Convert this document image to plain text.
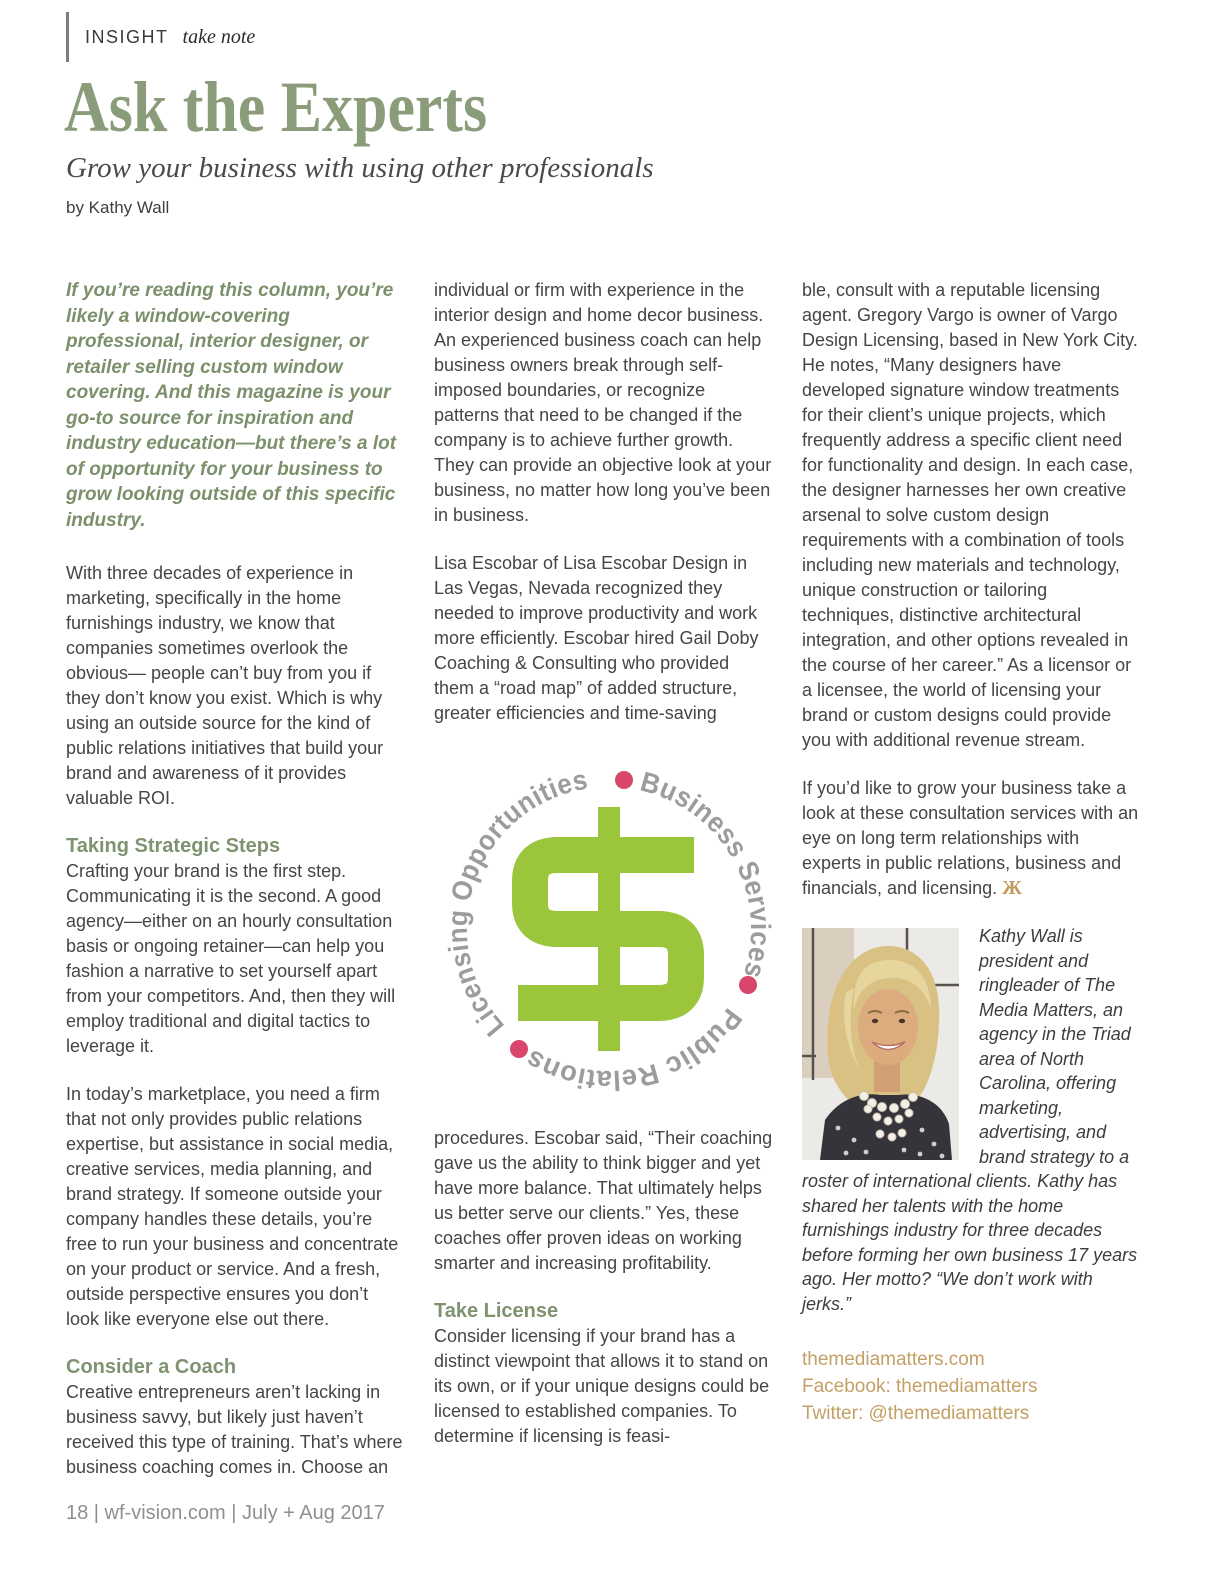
INSIGHT take note
Ask the Experts
Grow your business with using other professionals
by Kathy Wall

If you’re reading this column, you’re likely a window-covering professional, interior designer, or retailer selling custom window covering. And this magazine is your go-to source for inspiration and industry education—but there’s a lot of opportunity for your business to grow looking outside of this specific industry.

With three decades of experience in marketing, specifically in the home furnishings industry, we know that companies sometimes overlook the obvious— people can’t buy from you if they don’t know you exist. Which is why using an outside source for the kind of public relations initiatives that build your brand and awareness of it provides valuable ROI.

Taking Strategic Steps

Crafting your brand is the first step. Communicating it is the second. A good agency—either on an hourly consultation basis or ongoing retainer—can help you fashion a narrative to set yourself apart from your competitors. And, then they will employ traditional and digital tactics to leverage it.

In today’s marketplace, you need a firm that not only provides public relations expertise, but assistance in social media, creative services, media planning, and brand strategy. If someone outside your company handles these details, you’re free to run your business and concentrate on your product or service. And a fresh, outside perspective ensures you don’t look like everyone else out there.

Consider a Coach

Creative entrepreneurs aren’t lacking in business savvy, but likely just haven’t received this type of training. That’s where business coaching comes in. Choose an

individual or firm with experience in the interior design and home decor business. An experienced business coach can help business owners break through self-imposed boundaries, or recognize patterns that need to be changed if the company is to achieve further growth. They can provide an objective look at your business, no matter how long you’ve been in business.

Lisa Escobar of Lisa Escobar Design in Las Vegas, Nevada recognized they needed to improve productivity and work more efficiently. Escobar hired Gail Doby Coaching & Consulting who provided them a “road map” of added structure, greater efficiencies and time-saving

Licensing Opportunities Business Services
Public Relations

procedures. Escobar said, “Their coaching gave us the ability to think bigger and yet have more balance. That ultimately helps us better serve our clients.” Yes, these coaches offer proven ideas on working smarter and increasing profitability.

Take License

Consider licensing if your brand has a distinct viewpoint that allows it to stand on its own, or if your unique designs could be licensed to established companies. To determine if licensing is feasi-

ble, consult with a reputable licensing agent. Gregory Vargo is owner of Vargo Design Licensing, based in New York City. He notes, “Many designers have developed signature window treatments for their client’s unique projects, which frequently address a specific client need for functionality and design. In each case, the designer harnesses her own creative arsenal to solve custom design requirements with a combination of tools including new materials and technology, unique construction or tailoring techniques, distinctive architectural integration, and other options revealed in the course of her career.” As a licensor or a licensee, the world of licensing your brand or custom designs could provide you with additional revenue stream.

If you’d like to grow your business take a look at these consultation services with an eye on long term relationships with experts in public relations, business and financials, and licensing. Ж

Kathy Wall is president and ringleader of The Media Matters, an agency in the Triad area of North Carolina, offering marketing, advertising, and brand strategy to a roster of international clients. Kathy has shared her talents with the home furnishings industry for three decades before forming her own business 17 years ago. Her motto? “We don’t work with jerks.”

themediamatters.com

Facebook: themediamatters

Twitter: @themediamatters

18 | wf-vision.com | July + Aug 2017
